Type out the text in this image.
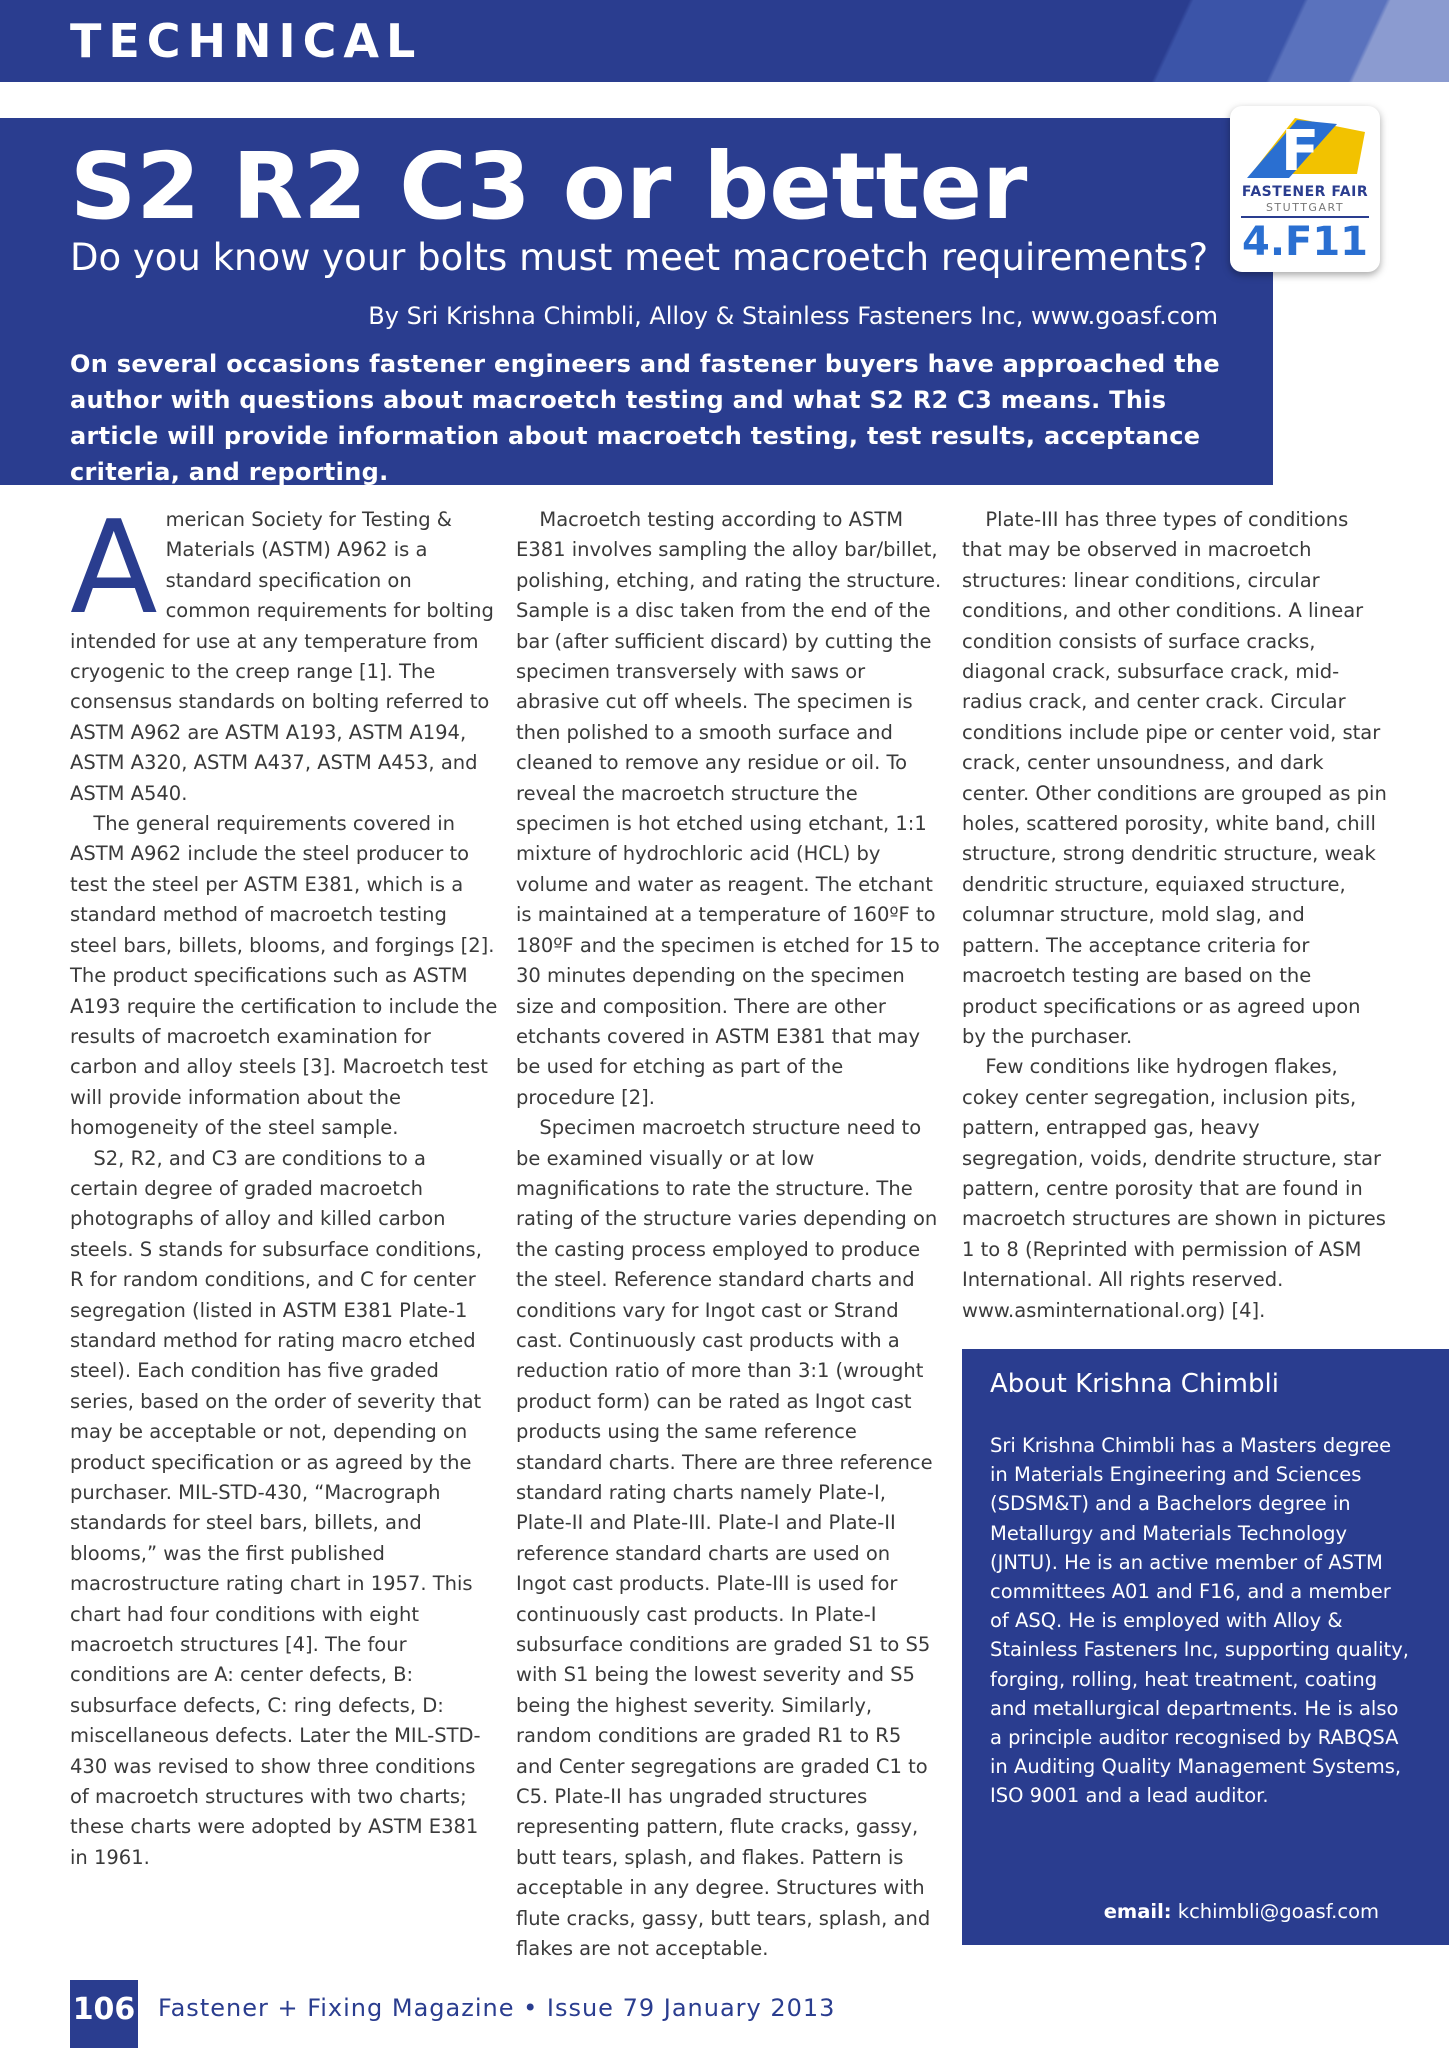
TECHNICAL
S2 R2 C3 or better
Do you know your bolts must meet macroetch requirements?

By Sri Krishna Chimbli, Alloy & Stainless Fasteners Inc, www.goasf.com

On several occasions fastener engineers and fastener buyers have approached the author with questions about macroetch testing and what S2 R2 C3 means. This article will provide information about macroetch testing, test results, acceptance criteria, and reporting.

F

FASTENER FAIR

STUTTGART

4.F11

American Society for Testing & Materials (ASTM) A962 is a standard specification on common requirements for bolting intended for use at any temperature from cryogenic to the creep range [1]. The consensus standards on bolting referred to ASTM A962 are ASTM A193, ASTM A194, ASTM A320, ASTM A437, ASTM A453, and ASTM A540.

The general requirements covered in ASTM A962 include the steel producer to test the steel per ASTM E381, which is a standard method of macroetch testing steel bars, billets, blooms, and forgings [2]. The product specifications such as ASTM A193 require the certification to include the results of macroetch examination for carbon and alloy steels [3]. Macroetch test will provide information about the homogeneity of the steel sample.

S2, R2, and C3 are conditions to a certain degree of graded macroetch photographs of alloy and killed carbon steels. S stands for subsurface conditions, R for random conditions, and C for center segregation (listed in ASTM E381 Plate-1 standard method for rating macro etched steel). Each condition has five graded series, based on the order of severity that may be acceptable or not, depending on product specification or as agreed by the purchaser. MIL-STD-430, “Macrograph standards for steel bars, billets, and blooms,” was the first published macrostructure rating chart in 1957. This chart had four conditions with eight macroetch structures [4]. The four conditions are A: center defects, B: subsurface defects, C: ring defects, D: miscellaneous defects. Later the MIL-STD-430 was revised to show three conditions of macroetch structures with two charts; these charts were adopted by ASTM E381 in 1961.

Macroetch testing according to ASTM E381 involves sampling the alloy bar/billet, polishing, etching, and rating the structure. Sample is a disc taken from the end of the bar (after sufficient discard) by cutting the specimen transversely with saws or abrasive cut off wheels. The specimen is then polished to a smooth surface and cleaned to remove any residue or oil. To reveal the macroetch structure the specimen is hot etched using etchant, 1:1 mixture of hydrochloric acid (HCL) by volume and water as reagent. The etchant is maintained at a temperature of 160ºF to 180ºF and the specimen is etched for 15 to 30 minutes depending on the specimen size and composition. There are other etchants covered in ASTM E381 that may be used for etching as part of the procedure [2].

Specimen macroetch structure need to be examined visually or at low magnifications to rate the structure. The rating of the structure varies depending on the casting process employed to produce the steel. Reference standard charts and conditions vary for Ingot cast or Strand cast. Continuously cast products with a reduction ratio of more than 3:1 (wrought product form) can be rated as Ingot cast products using the same reference standard charts. There are three reference standard rating charts namely Plate-I, Plate-II and Plate-III. Plate-I and Plate-II reference standard charts are used on Ingot cast products. Plate-III is used for continuously cast products. In Plate-I subsurface conditions are graded S1 to S5 with S1 being the lowest severity and S5 being the highest severity. Similarly, random conditions are graded R1 to R5 and Center segregations are graded C1 to C5. Plate-II has ungraded structures representing pattern, flute cracks, gassy, butt tears, splash, and flakes. Pattern is acceptable in any degree. Structures with flute cracks, gassy, butt tears, splash, and flakes are not acceptable.

Plate-III has three types of conditions that may be observed in macroetch structures: linear conditions, circular conditions, and other conditions. A linear condition consists of surface cracks, diagonal crack, subsurface crack, mid-radius crack, and center crack. Circular conditions include pipe or center void, star crack, center unsoundness, and dark center. Other conditions are grouped as pin holes, scattered porosity, white band, chill structure, strong dendritic structure, weak dendritic structure, equiaxed structure, columnar structure, mold slag, and pattern. The acceptance criteria for macroetch testing are based on the product specifications or as agreed upon by the purchaser.

Few conditions like hydrogen flakes, cokey center segregation, inclusion pits, pattern, entrapped gas, heavy segregation, voids, dendrite structure, star pattern, centre porosity that are found in macroetch structures are shown in pictures 1 to 8 (Reprinted with permission of ASM International. All rights reserved. www.asminternational.org) [4].

About Krishna Chimbli

Sri Krishna Chimbli has a Masters degree in Materials Engineering and Sciences (SDSM&T) and a Bachelors degree in Metallurgy and Materials Technology (JNTU). He is an active member of ASTM committees A01 and F16, and a member of ASQ. He is employed with Alloy & Stainless Fasteners Inc, supporting quality, forging, rolling, heat treatment, coating and metallurgical departments. He is also a principle auditor recognised by RABQSA in Auditing Quality Management Systems, ISO 9001 and a lead auditor.

email: kchimbli@goasf.com

106 Fastener + Fixing Magazine • Issue 79 January 2013
